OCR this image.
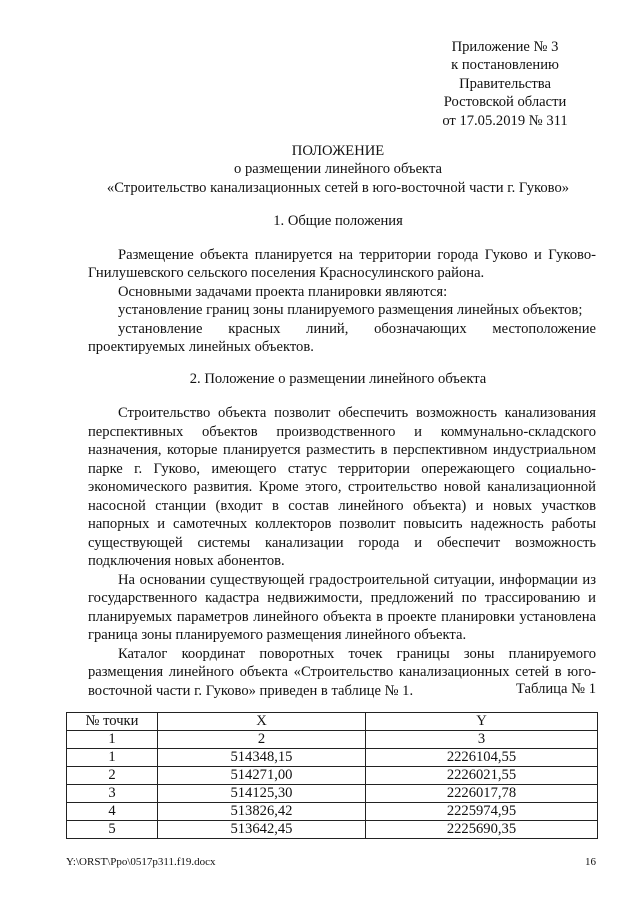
Приложение № 3
к постановлению
Правительства
Ростовской области
от 17.05.2019 № 311
ПОЛОЖЕНИЕ
о размещении линейного объекта
«Строительство канализационных сетей в юго-восточной части г. Гуково»
1. Общие положения

Размещение объекта планируется на территории города Гуково и Гуково-Гнилушевского сельского поселения Красносулинского района.

Основными задачами проекта планировки являются:

установление границ зоны планируемого размещения линейных объектов;

установление красных линий, обозначающих местоположение проектируемых линейных объектов.

2. Положение о размещении линейного объекта

Строительство объекта позволит обеспечить возможность канализования перспективных объектов производственного и коммунально-складского назначения, которые планируется разместить в перспективном индустриальном парке г. Гуково, имеющего статус территории опережающего социально-экономического развития. Кроме этого, строительство новой канализационной насосной станции (входит в состав линейного объекта) и новых участков напорных и самотечных коллекторов позволит повысить надежность работы существующей системы канализации города и обеспечит возможность подключения новых абонентов.

На основании существующей градостроительной ситуации, информации из государственного кадастра недвижимости, предложений по трассированию и планируемых параметров линейного объекта в проекте планировки установлена граница зоны планируемого размещения линейного объекта.

Каталог координат поворотных точек границы зоны планируемого размещения линейного объекта «Строительство канализационных сетей в юго-восточной части г. Гуково» приведен в таблице № 1.	Таблица № 1
№ точки	X	Y
1	2	3
1	514348,15	2226104,55
2	514271,00	2226021,55
3	514125,30	2226017,78
4	513826,42	2225974,95
5	513642,45	2225690,35
Y:\ORST\Ppo\0517p311.f19.docx	16
